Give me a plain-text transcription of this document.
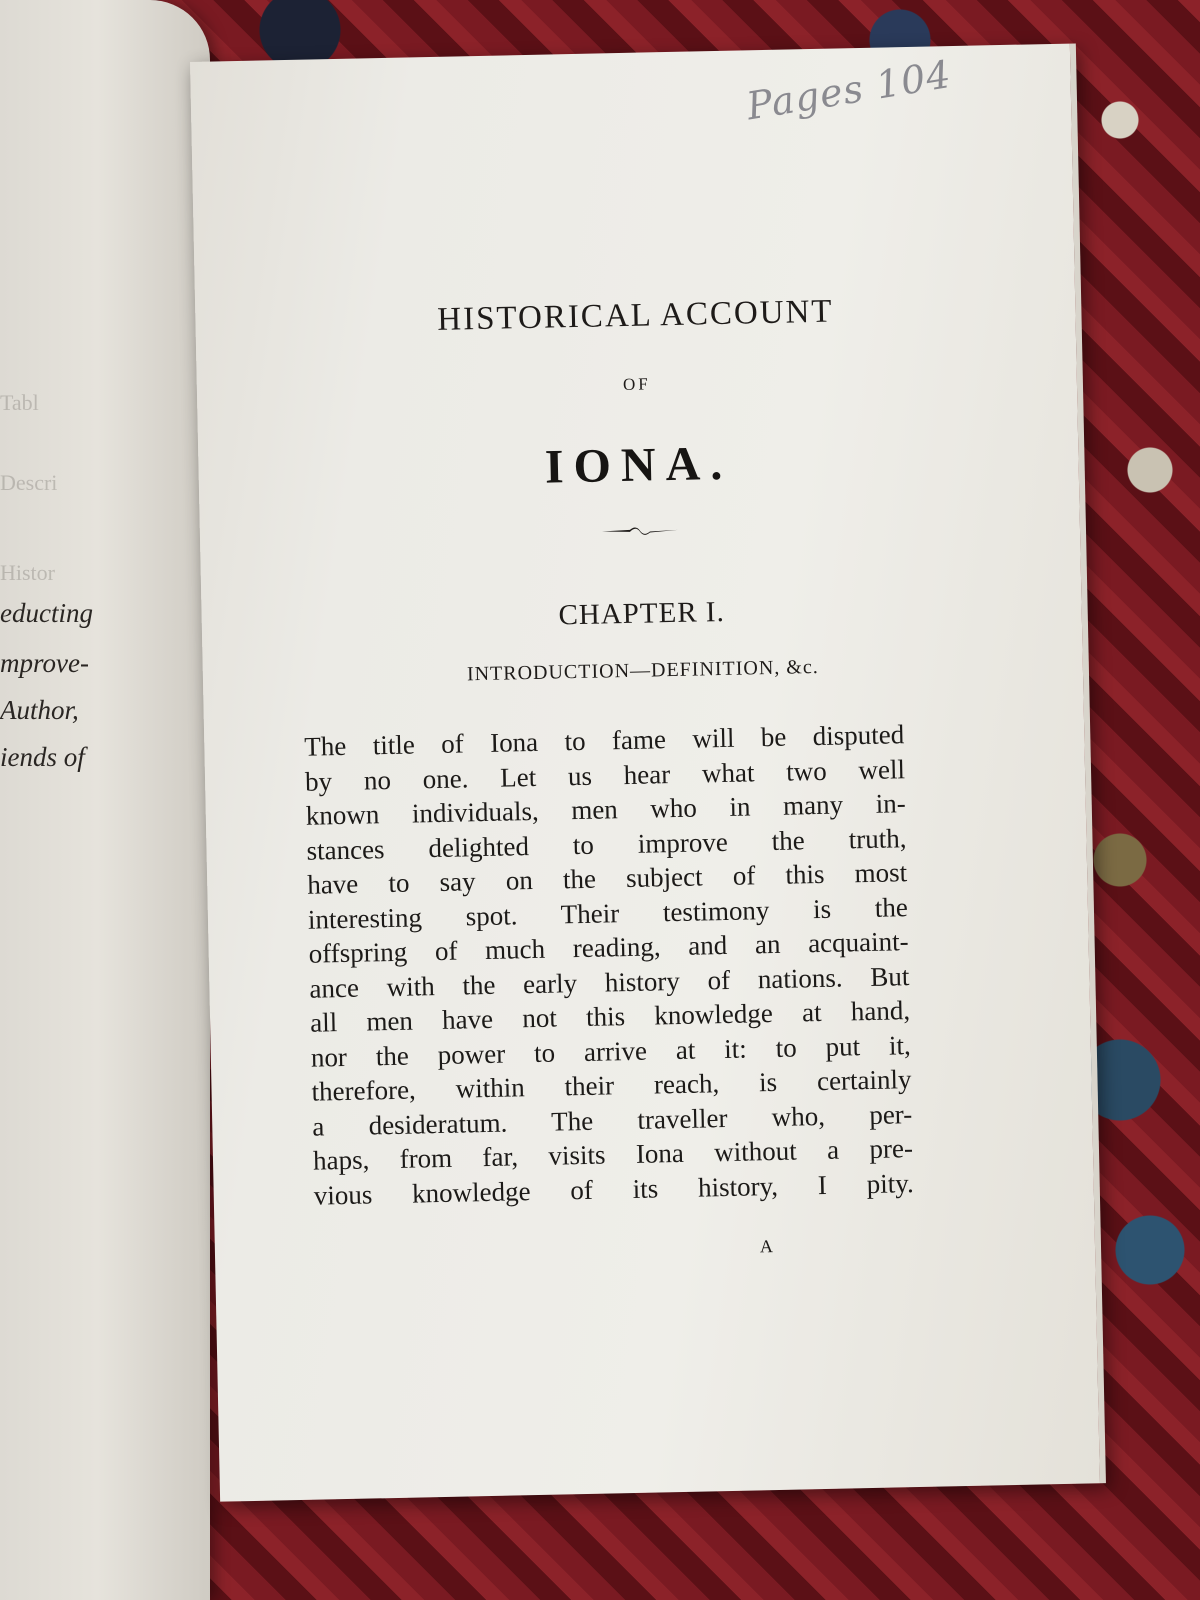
Tabl
Descri
Histor
educting
mprove-
Author,
iends of
Pages 104
HISTORICAL ACCOUNT
OF
IONA.
CHAPTER I.
INTRODUCTION—DEFINITION, &c.
The title of Iona to fame will be disputed
by no one. Let us hear what two well
known individuals, men who in many in-
stances delighted to improve the truth,
have to say on the subject of this most
interesting spot. Their testimony is the
offspring of much reading, and an acquaint-
ance with the early history of nations. But
all men have not this knowledge at hand,
nor the power to arrive at it: to put it,
therefore, within their reach, is certainly
a desideratum. The traveller who, per-
haps, from far, visits Iona without a pre-
vious knowledge of its history, I pity.
A
